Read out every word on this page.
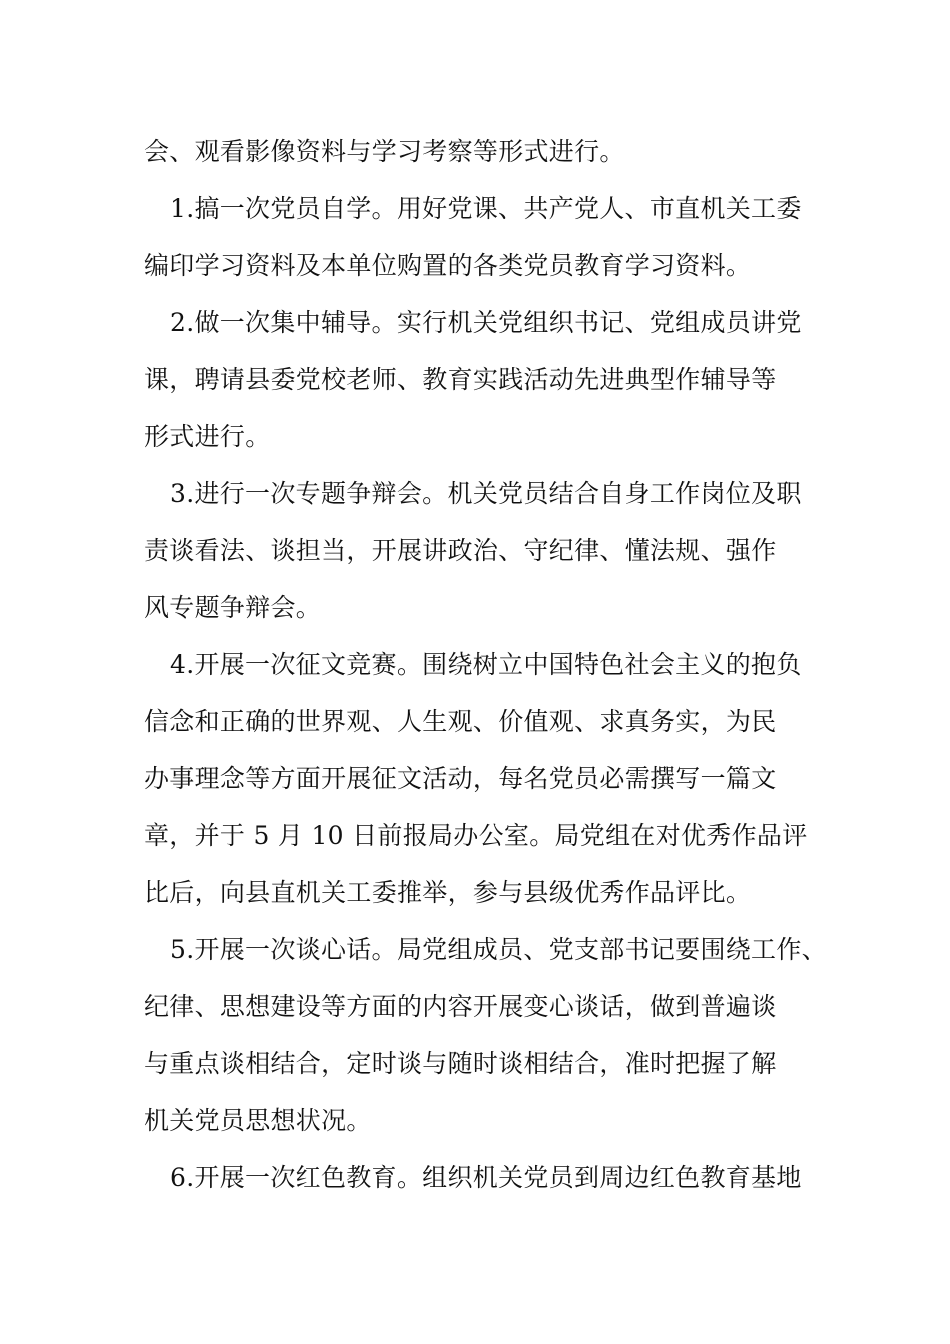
会、观看影像资料与学习考察等形式进行。
1.搞一次党员自学。用好党课、共产党人、市直机关工委
编印学习资料及本单位购置的各类党员教育学习资料。
2.做一次集中辅导。实行机关党组织书记、党组成员讲党
课，聘请县委党校老师、教育实践活动先进典型作辅导等
形式进行。
3.进行一次专题争辩会。机关党员结合自身工作岗位及职
责谈看法、谈担当，开展讲政治、守纪律、懂法规、强作
风专题争辩会。
4.开展一次征文竞赛。围绕树立中国特色社会主义的抱负
信念和正确的世界观、人生观、价值观、求真务实，为民
办事理念等方面开展征文活动，每名党员必需撰写一篇文
章，并于 5 月 10 日前报局办公室。局党组在对优秀作品评
比后，向县直机关工委推举，参与县级优秀作品评比。
5.开展一次谈心话。局党组成员、党支部书记要围绕工作、
纪律、思想建设等方面的内容开展变心谈话，做到普遍谈
与重点谈相结合，定时谈与随时谈相结合，准时把握了解
机关党员思想状况。
6.开展一次红色教育。组织机关党员到周边红色教育基地
